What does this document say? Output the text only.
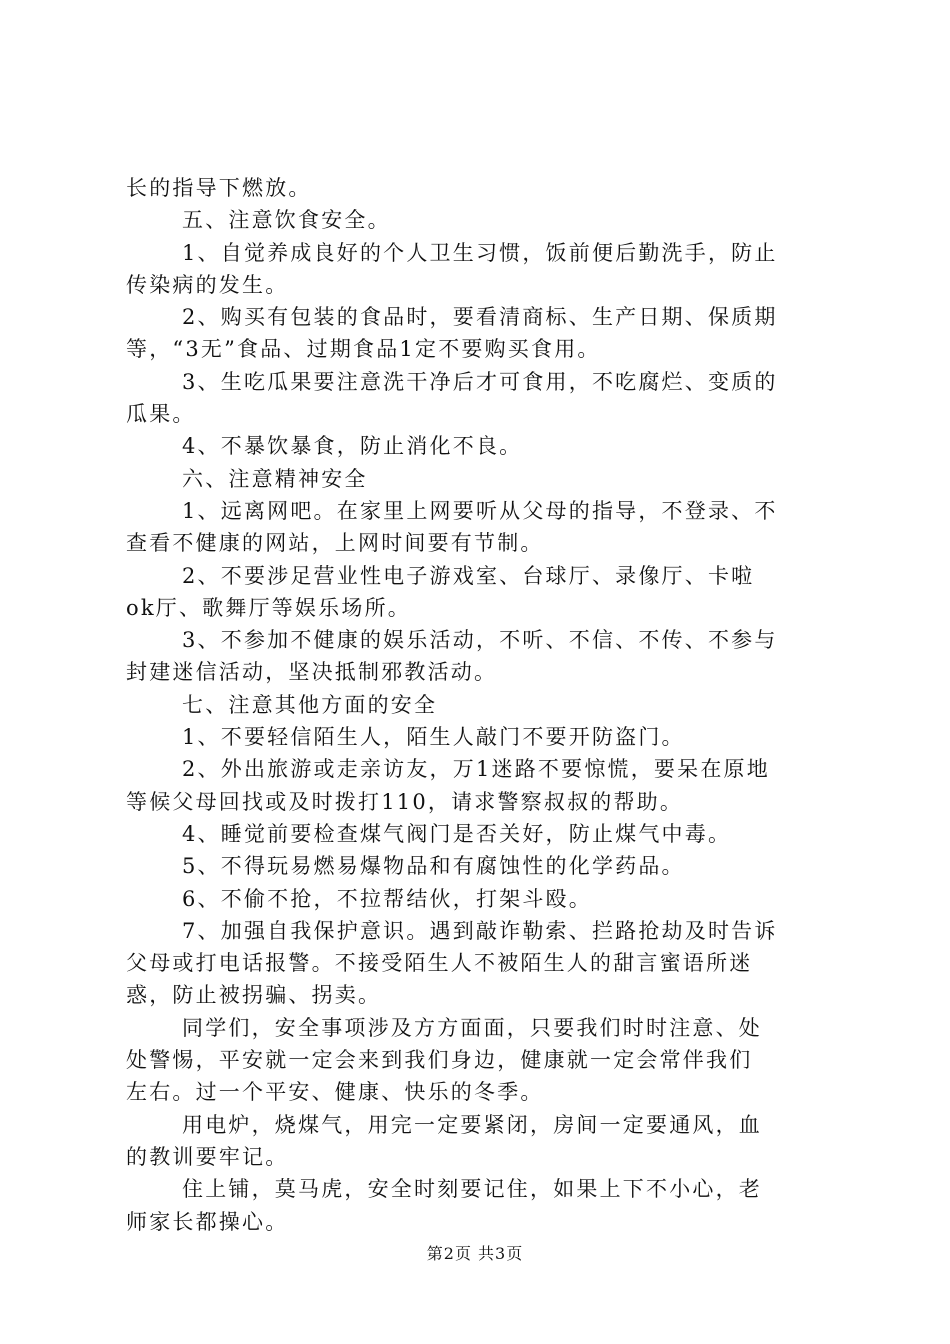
长的指导下燃放。

五、注意饮食安全。

1、自觉养成良好的个人卫生习惯，饭前便后勤洗手，防止

传染病的发生。

2、购买有包装的食品时，要看清商标、生产日期、保质期

等，“3无”食品、过期食品1定不要购买食用。

3、生吃瓜果要注意洗干净后才可食用，不吃腐烂、变质的

瓜果。

4、不暴饮暴食，防止消化不良。

六、注意精神安全

1、远离网吧。在家里上网要听从父母的指导，不登录、不

查看不健康的网站，上网时间要有节制。

2、不要涉足营业性电子游戏室、台球厅、录像厅、卡啦

ok厅、歌舞厅等娱乐场所。

3、不参加不健康的娱乐活动，不听、不信、不传、不参与

封建迷信活动，坚决抵制邪教活动。

七、注意其他方面的安全

1、不要轻信陌生人，陌生人敲门不要开防盗门。

2、外出旅游或走亲访友，万1迷路不要惊慌，要呆在原地

等候父母回找或及时拨打110，请求警察叔叔的帮助。

4、睡觉前要检查煤气阀门是否关好，防止煤气中毒。

5、不得玩易燃易爆物品和有腐蚀性的化学药品。

6、不偷不抢，不拉帮结伙，打架斗殴。

7、加强自我保护意识。遇到敲诈勒索、拦路抢劫及时告诉

父母或打电话报警。不接受陌生人不被陌生人的甜言蜜语所迷

惑，防止被拐骗、拐卖。

同学们，安全事项涉及方方面面，只要我们时时注意、处

处警惕，平安就一定会来到我们身边，健康就一定会常伴我们

左右。过一个平安、健康、快乐的冬季。

用电炉，烧煤气，用完一定要紧闭，房间一定要通风，血

的教训要牢记。

住上铺，莫马虎，安全时刻要记住，如果上下不小心，老

师家长都操心。

第2页 共3页
